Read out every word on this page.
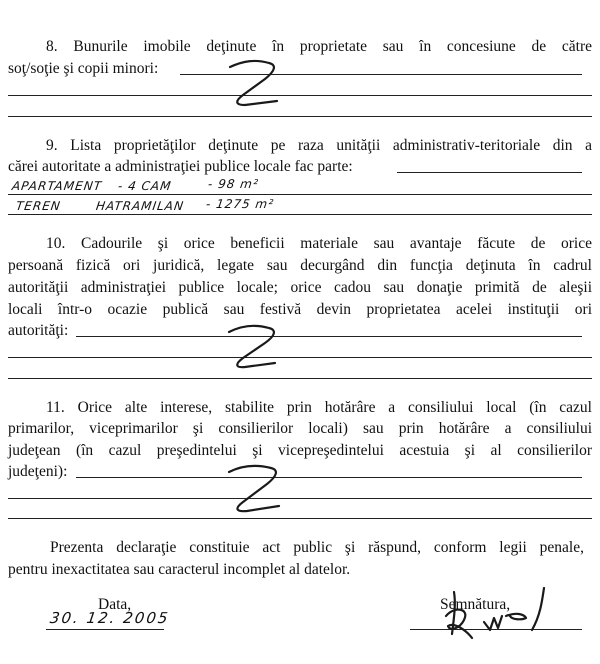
8. Bunurile imobile deţinute în proprietate sau în concesiune de către
soţ/soţie şi copii minori:
9. Lista proprietăţilor deţinute pe raza unităţii administrativ-teritoriale din a
cărei autoritate a administraţiei publice locale fac parte:
APARTAMENT - 4 CAM	- 98 m²
TEREN	HATRAMILAN - 1275 m²
10. Cadourile şi orice beneficii materiale sau avantaje făcute de orice
persoană fizică ori juridică, legate sau decurgând din funcţia deţinuta în cadrul
autorităţii administraţiei publice locale; orice cadou sau donaţie primită de aleşii
locali într-o ocazie publică sau festivă devin proprietatea acelei instituţii ori
autorităţi:
11. Orice alte interese, stabilite prin hotărâre a consiliului local (în cazul
primarilor, viceprimarilor şi consilierilor locali) sau prin hotărâre a consiliului
judeţean (în cazul preşedintelui şi vicepreşedintelui acestuia şi al consilierilor
judeţeni):
Prezenta declaraţie constituie act public şi răspund, conform legii penale,
pentru inexactitatea sau caracterul incomplet al datelor.
Data,
30. 12. 2005
Semnătura,
